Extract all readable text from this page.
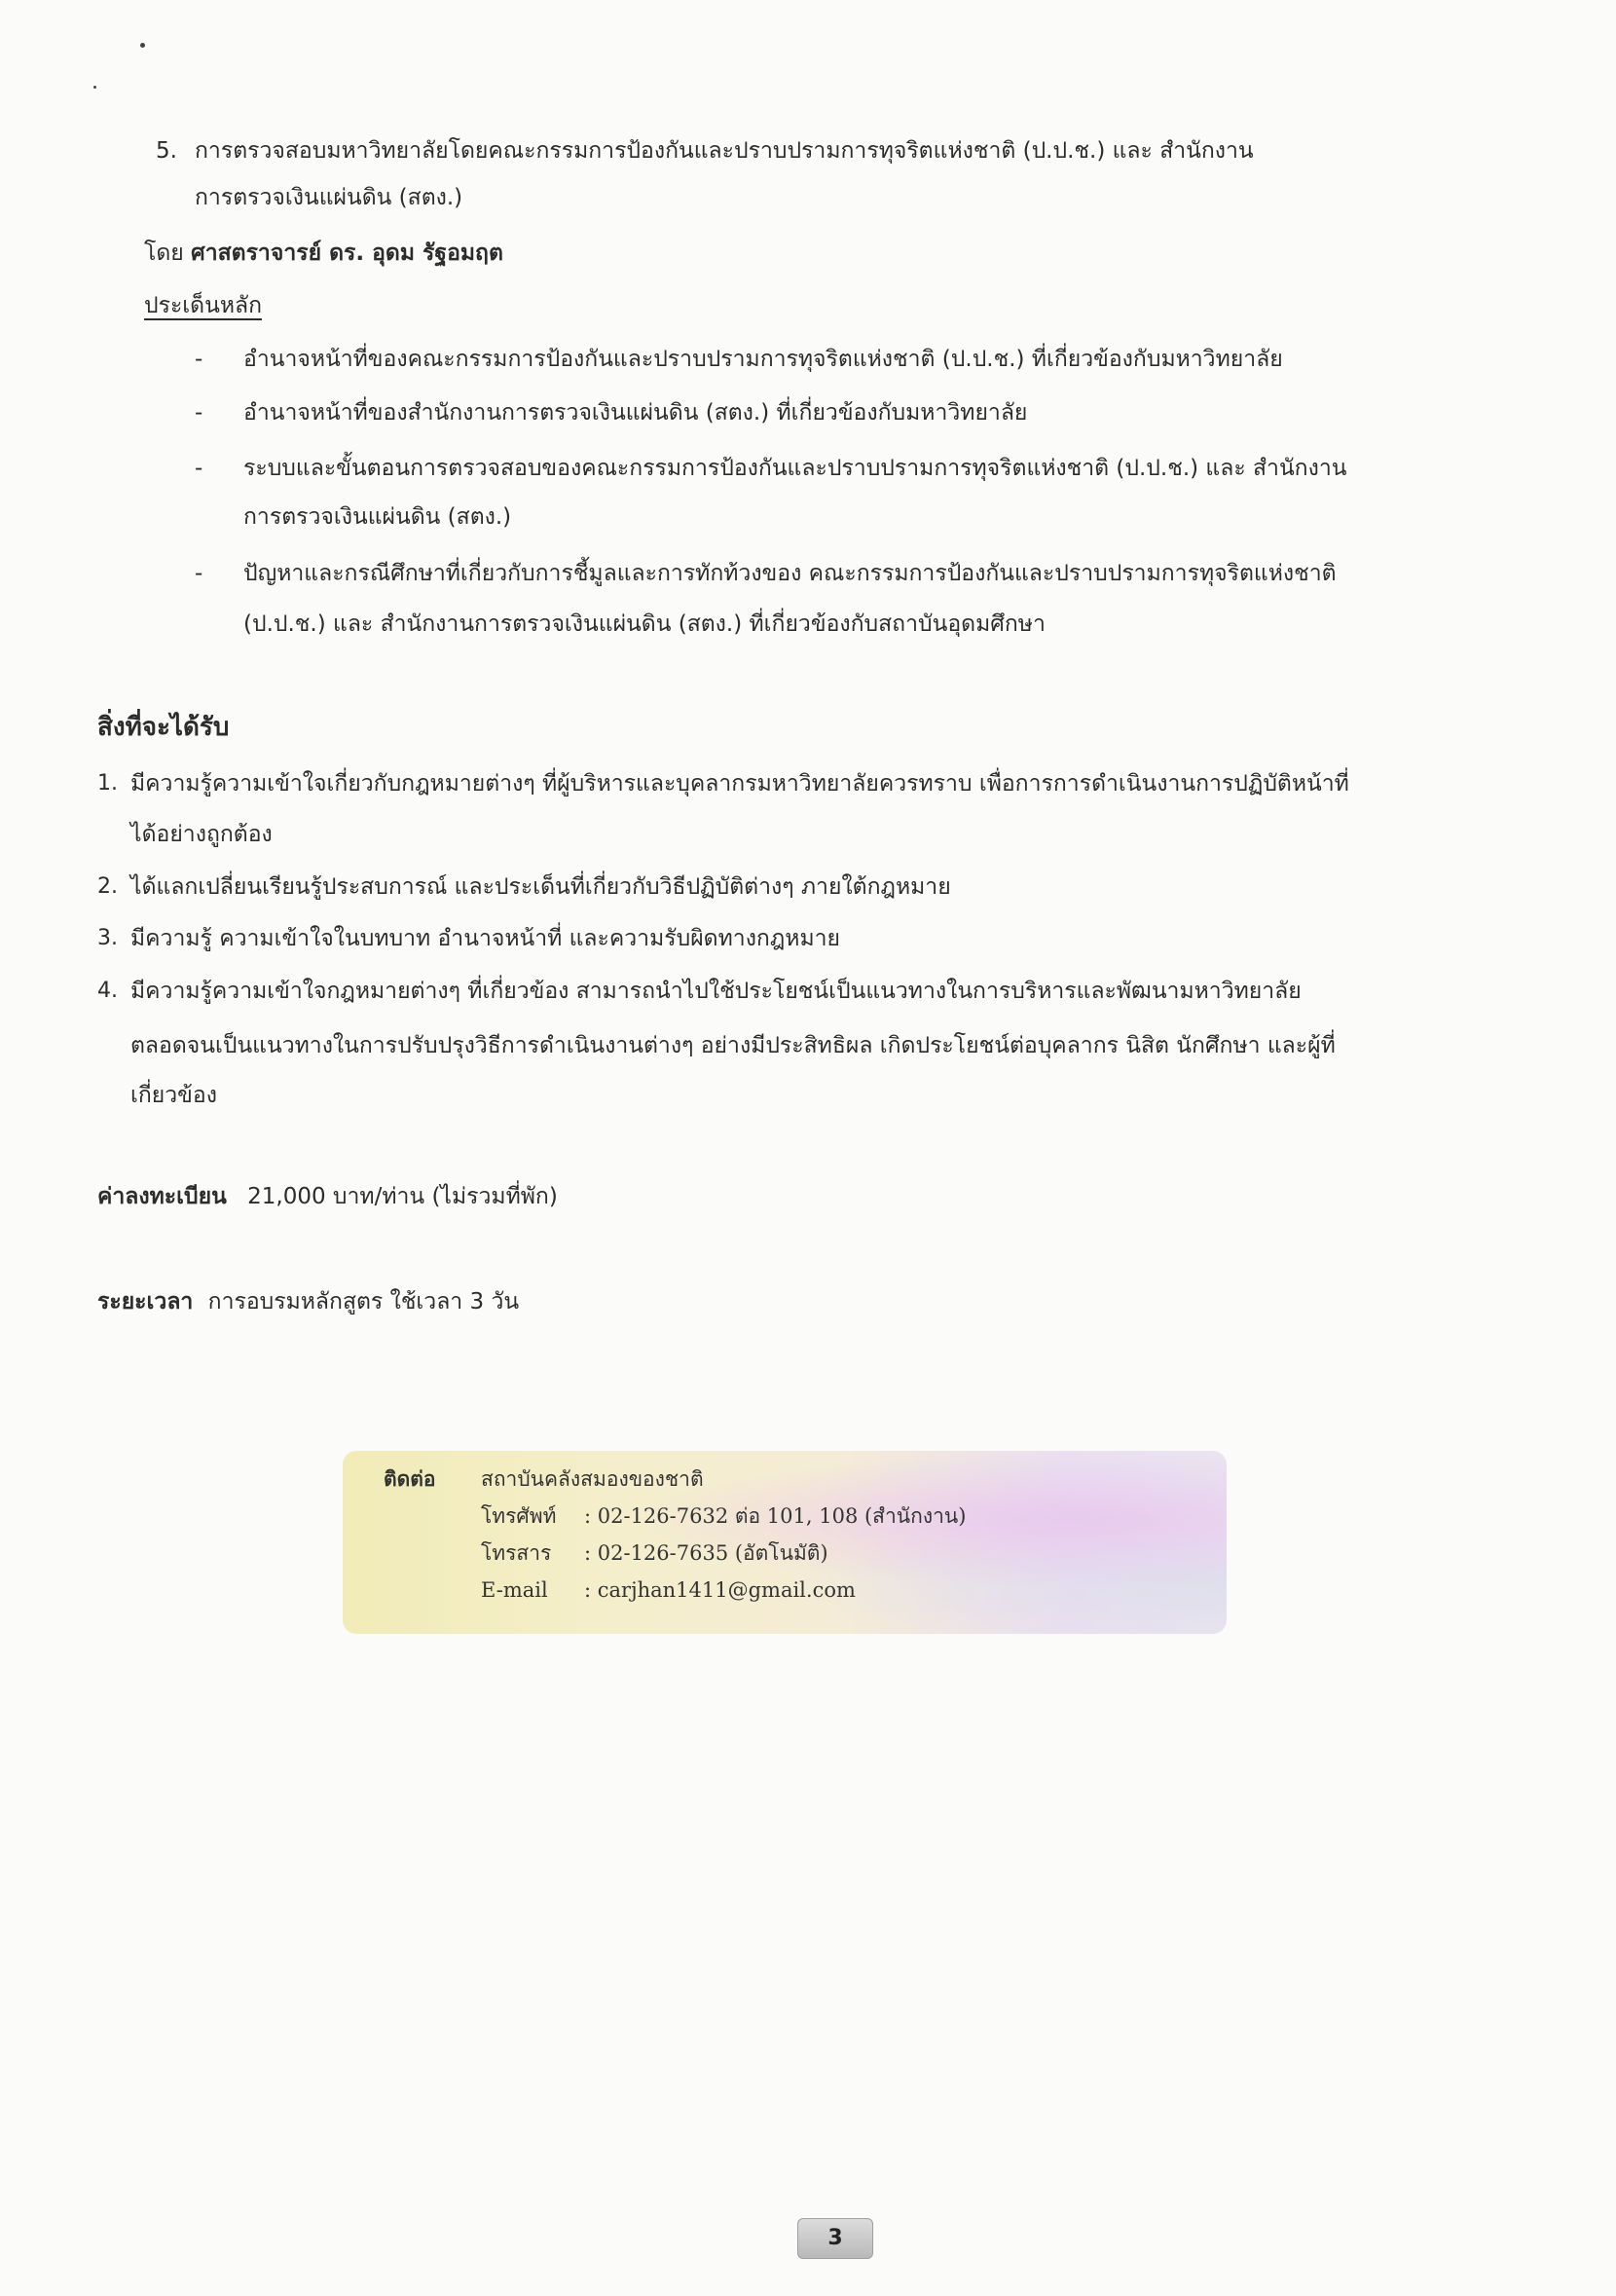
5. การตรวจสอบมหาวิทยาลัยโดยคณะกรรมการป้องกันและปราบปรามการทุจริตแห่งชาติ (ป.ป.ช.) และ สำนักงาน
การตรวจเงินแผ่นดิน (สตง.)
โดย ศาสตราจารย์ ดร. อุดม รัฐอมฤต
ประเด็นหลัก
- อำนาจหน้าที่ของคณะกรรมการป้องกันและปราบปรามการทุจริตแห่งชาติ (ป.ป.ช.) ที่เกี่ยวข้องกับมหาวิทยาลัย
- อำนาจหน้าที่ของสำนักงานการตรวจเงินแผ่นดิน (สตง.) ที่เกี่ยวข้องกับมหาวิทยาลัย
- ระบบและขั้นตอนการตรวจสอบของคณะกรรมการป้องกันและปราบปรามการทุจริตแห่งชาติ (ป.ป.ช.) และ สำนักงาน
การตรวจเงินแผ่นดิน (สตง.)
- ปัญหาและกรณีศึกษาที่เกี่ยวกับการชี้มูลและการทักท้วงของ คณะกรรมการป้องกันและปราบปรามการทุจริตแห่งชาติ
(ป.ป.ช.) และ สำนักงานการตรวจเงินแผ่นดิน (สตง.) ที่เกี่ยวข้องกับสถาบันอุดมศึกษา
สิ่งที่จะได้รับ
1. มีความรู้ความเข้าใจเกี่ยวกับกฎหมายต่างๆ ที่ผู้บริหารและบุคลากรมหาวิทยาลัยควรทราบ เพื่อการการดำเนินงานการปฏิบัติหน้าที่
ได้อย่างถูกต้อง
2. ได้แลกเปลี่ยนเรียนรู้ประสบการณ์ และประเด็นที่เกี่ยวกับวิธีปฏิบัติต่างๆ ภายใต้กฎหมาย
3. มีความรู้ ความเข้าใจในบทบาท อำนาจหน้าที่ และความรับผิดทางกฎหมาย
4. มีความรู้ความเข้าใจกฎหมายต่างๆ ที่เกี่ยวข้อง สามารถนำไปใช้ประโยชน์เป็นแนวทางในการบริหารและพัฒนามหาวิทยาลัย
ตลอดจนเป็นแนวทางในการปรับปรุงวิธีการดำเนินงานต่างๆ อย่างมีประสิทธิผล เกิดประโยชน์ต่อบุคลากร นิสิต นักศึกษา และผู้ที่
เกี่ยวข้อง
ค่าลงทะเบียน 21,000 บาท/ท่าน (ไม่รวมที่พัก)
ระยะเวลา การอบรมหลักสูตร ใช้เวลา 3 วัน
ติดต่อ สถาบันคลังสมองของชาติ
โทรศัพท์ : 02-126-7632 ต่อ 101, 108 (สำนักงาน)
โทรสาร : 02-126-7635 (อัตโนมัติ)
E-mail : carjhan1411@gmail.com
3
